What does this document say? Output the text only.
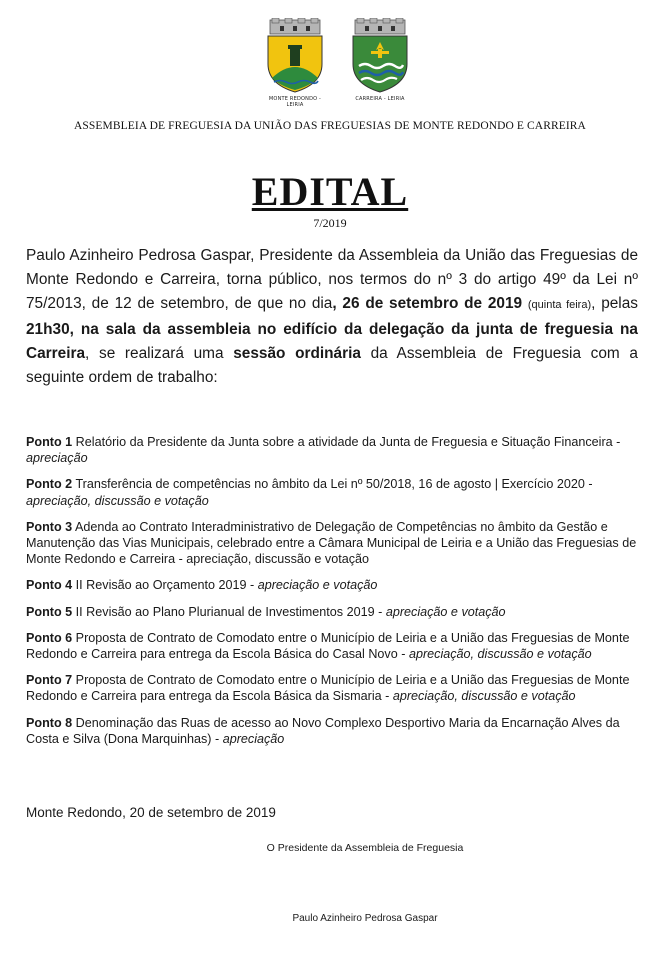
MONTE REDONDO - LEIRIA
CARREIRA - LEIRIA
ASSEMBLEIA DE FREGUESIA DA UNIÃO DAS FREGUESIAS DE MONTE REDONDO E CARREIRA
EDITAL
7/2019
Paulo Azinheiro Pedrosa Gaspar, Presidente da Assembleia da União das Freguesias de Monte Redondo e Carreira, torna público, nos termos do nº 3 do artigo 49º da Lei nº 75/2013, de 12 de setembro, de que no dia, 26 de setembro de 2019 (quinta feira), pelas 21h30, na sala da assembleia no edifício da delegação da junta de freguesia na Carreira, se realizará uma sessão ordinária da Assembleia de Freguesia com a seguinte ordem de trabalho:
Ponto 1 Relatório da Presidente da Junta sobre a atividade da Junta de Freguesia e Situação Financeira - apreciação
Ponto 2 Transferência de competências no âmbito da Lei nº 50/2018, 16 de agosto | Exercício 2020 - apreciação, discussão e votação
Ponto 3 Adenda ao Contrato Interadministrativo de Delegação de Competências no âmbito da Gestão e Manutenção das Vias Municipais, celebrado entre a Câmara Municipal de Leiria e a União das Freguesias de Monte Redondo e Carreira - apreciação, discussão e votação
Ponto 4 II Revisão ao Orçamento 2019 - apreciação e votação
Ponto 5 II Revisão ao Plano Plurianual de Investimentos 2019 - apreciação e votação
Ponto 6 Proposta de Contrato de Comodato entre o Município de Leiria e a União das Freguesias de Monte Redondo e Carreira para entrega da Escola Básica do Casal Novo - apreciação, discussão e votação
Ponto 7 Proposta de Contrato de Comodato entre o Município de Leiria e a União das Freguesias de Monte Redondo e Carreira para entrega da Escola Básica da Sismaria - apreciação, discussão e votação
Ponto 8 Denominação das Ruas de acesso ao Novo Complexo Desportivo Maria da Encarnação Alves da Costa e Silva (Dona Marquinhas) - apreciação
Monte Redondo, 20 de setembro de 2019
O Presidente da Assembleia de Freguesia
Paulo Azinheiro Pedrosa Gaspar
